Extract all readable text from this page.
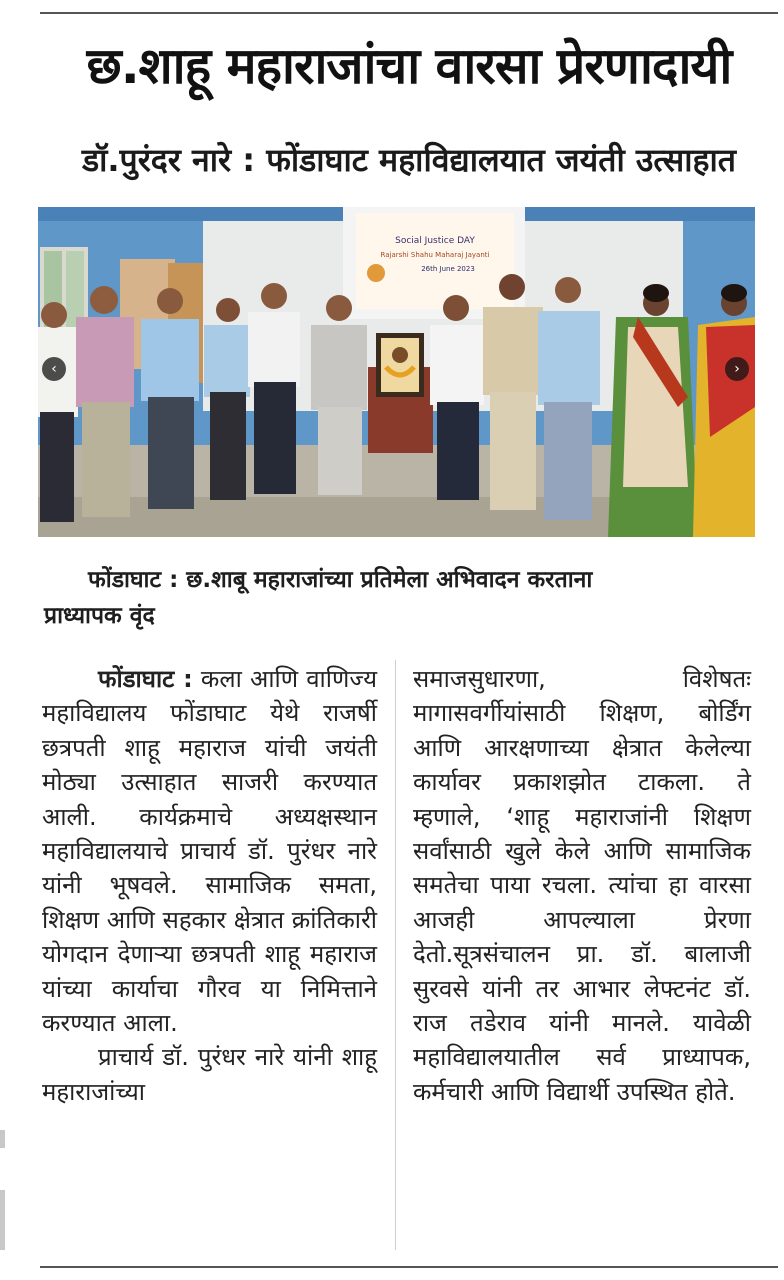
छ.शाहू महाराजांचा वारसा प्रेरणादायी
डॉ.पुरंदर नारे : फोंडाघाट महाविद्यालयात जयंती उत्साहात
Social Justice DAY
Rajarshi Shahu Maharaj Jayanti
26th June 2023
‹	›
फोंडाघाट : छ.शाबू महाराजांच्या प्रतिमेला अभिवादन करताना
प्राध्यापक वृंद

फोंडाघाट : कला आणि वाणिज्य महाविद्यालय फोंडाघाट येथे राजर्षी छत्रपती शाहू महाराज यांची जयंती मोठ्या उत्साहात साजरी करण्यात आली. कार्यक्रमाचे अध्यक्षस्थान महाविद्यालयाचे प्राचार्य डॉ. पुरंधर नारे यांनी भूषवले. सामाजिक समता, शिक्षण आणि सहकार क्षेत्रात क्रांतिकारी योगदान देणाऱ्या छत्रपती शाहू महाराज यांच्या कार्याचा गौरव या निमित्ताने करण्यात आला.

प्राचार्य डॉ. पुरंधर नारे यांनी शाहू महाराजांच्या

समाजसुधारणा, विशेषतः मागासवर्गीयांसाठी शिक्षण, बोर्डिंग आणि आरक्षणाच्या क्षेत्रात केलेल्या कार्यावर प्रकाशझोत टाकला. ते म्हणाले, ‘शाहू महाराजांनी शिक्षण सर्वांसाठी खुले केले आणि सामाजिक समतेचा पाया रचला. त्यांचा हा वारसा आजही आपल्याला प्रेरणा देतो.सूत्रसंचालन प्रा. डॉ. बालाजी सुरवसे यांनी तर आभार लेफ्टनंट डॉ. राज तडेराव यांनी मानले. यावेळी महाविद्यालयातील सर्व प्राध्यापक, कर्मचारी आणि विद्यार्थी उपस्थित होते.
